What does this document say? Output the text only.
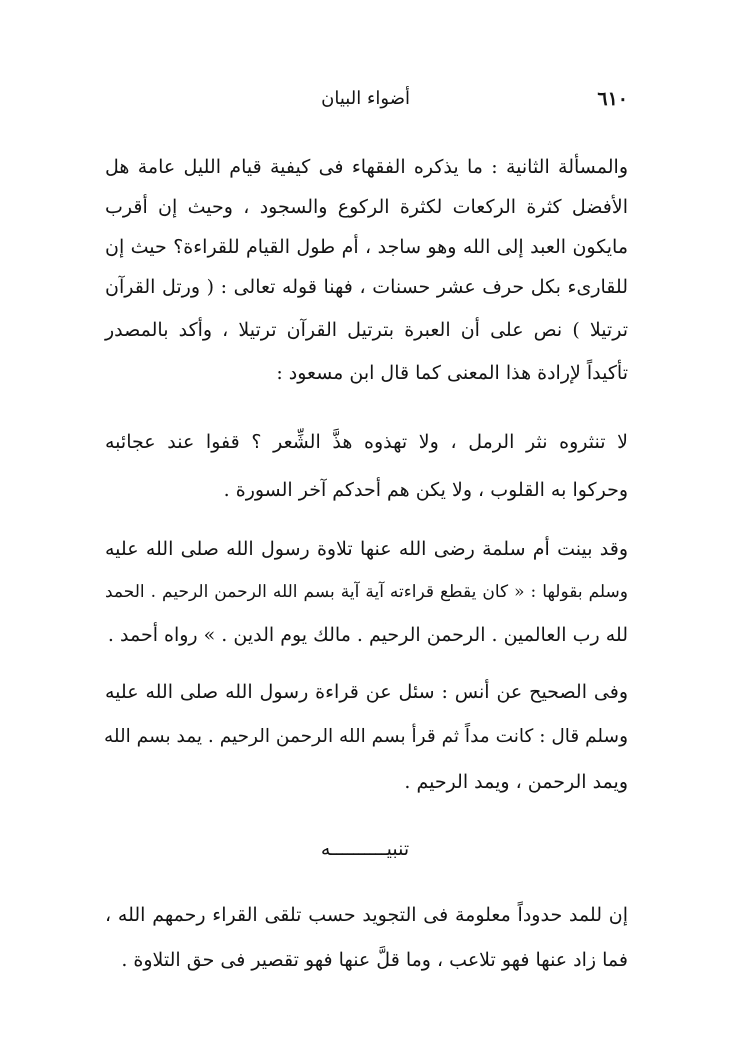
٦١٠
أضواء البيان
والمسألة الثانية : ما يذكره الفقهاء فى كيفية قيام الليل عامة هل
الأفضل كثرة الركعات لكثرة الركوع والسجود ، وحيث إن أقرب
مايكون العبد إلى الله وهو ساجد ، أم طول القيام للقراءة؟ حيث إن
للقارىء بكل حرف عشر حسنات ، فهنا قوله تعالى : ( ورتل القرآن
ترتيلا ) نص على أن العبرة بترتيل القرآن ترتيلا ، وأكد بالمصدر
تأكيداً لإرادة هذا المعنى كما قال ابن مسعود :
لا تنثروه نثر الرمل ، ولا تهذوه هذَّ الشِّعر ؟ قفوا عند عجائبه
وحركوا به القلوب ، ولا يكن هم أحدكم آخر السورة .
وقد بينت أم سلمة رضى الله عنها تلاوة رسول الله صلى الله عليه
وسلم بقولها : « كان يقطع قراءته آية آية بسم الله الرحمن الرحيم . الحمد
لله رب العالمين . الرحمن الرحيم . مالك يوم الدين . » رواه أحمد .
وفى الصحيح عن أنس : سئل عن قراءة رسول الله صلى الله عليه
وسلم قال : كانت مداً ثم قرأ بسم الله الرحمن الرحيم . يمد بسم الله
ويمد الرحمن ، ويمد الرحيم .
تنبيــــــــــه
إن للمد حدوداً معلومة فى التجويد حسب تلقى القراء رحمهم الله ،
فما زاد عنها فهو تلاعب ، وما قلَّ عنها فهو تقصير فى حق التلاوة .
